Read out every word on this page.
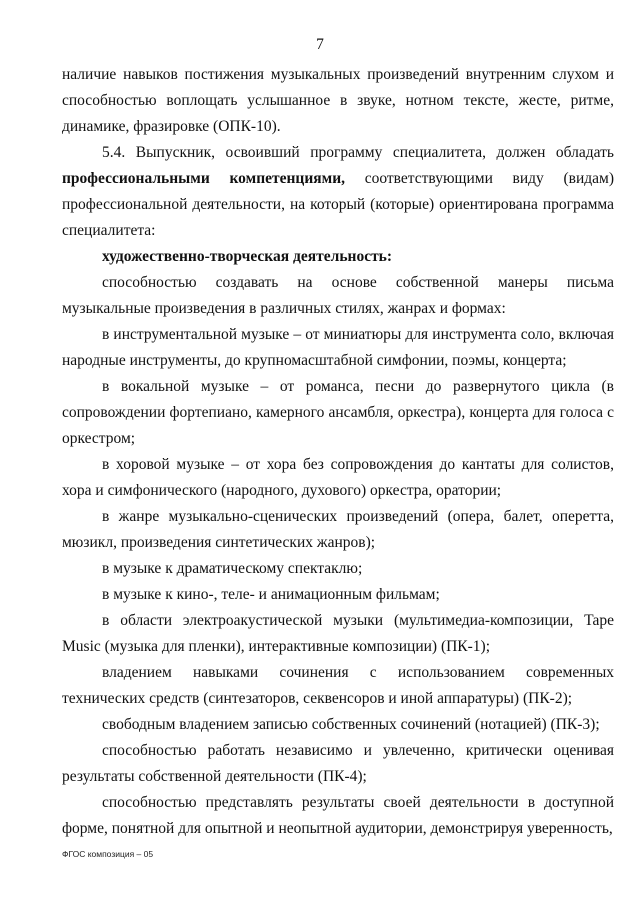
7

наличие навыков постижения музыкальных произведений внутренним слухом и способностью воплощать услышанное в звуке, нотном тексте, жесте, ритме, динамике, фразировке (ОПК-10).

5.4. Выпускник, освоивший программу специалитета, должен обладать профессиональными компетенциями, соответствующими виду (видам) профессиональной деятельности, на который (которые) ориентирована программа специалитета:

художественно-творческая деятельность:

способностью создавать на основе собственной манеры письма музыкальные произведения в различных стилях, жанрах и формах:

в инструментальной музыке – от миниатюры для инструмента соло, включая народные инструменты, до крупномасштабной симфонии, поэмы, концерта;

в вокальной музыке – от романса, песни до развернутого цикла (в сопровождении фортепиано, камерного ансамбля, оркестра), концерта для голоса с оркестром;

в хоровой музыке – от хора без сопровождения до кантаты для солистов, хора и симфонического (народного, духового) оркестра, оратории;

в жанре музыкально-сценических произведений (опера, балет, оперетта, мюзикл, произведения синтетических жанров);

в музыке к драматическому спектаклю;

в музыке к кино-, теле- и анимационным фильмам;

в области электроакустической музыки (мультимедиа-композиции, Tape Music (музыка для пленки), интерактивные композиции) (ПК-1);

владением навыками сочинения с использованием современных технических средств (синтезаторов, секвенсоров и иной аппаратуры) (ПК-2);

свободным владением записью собственных сочинений (нотацией) (ПК-3);

способностью работать независимо и увлеченно, критически оценивая результаты собственной деятельности (ПК-4);

способностью представлять результаты своей деятельности в доступной форме, понятной для опытной и неопытной аудитории, демонстрируя уверенность,

ФГОС композиция – 05
